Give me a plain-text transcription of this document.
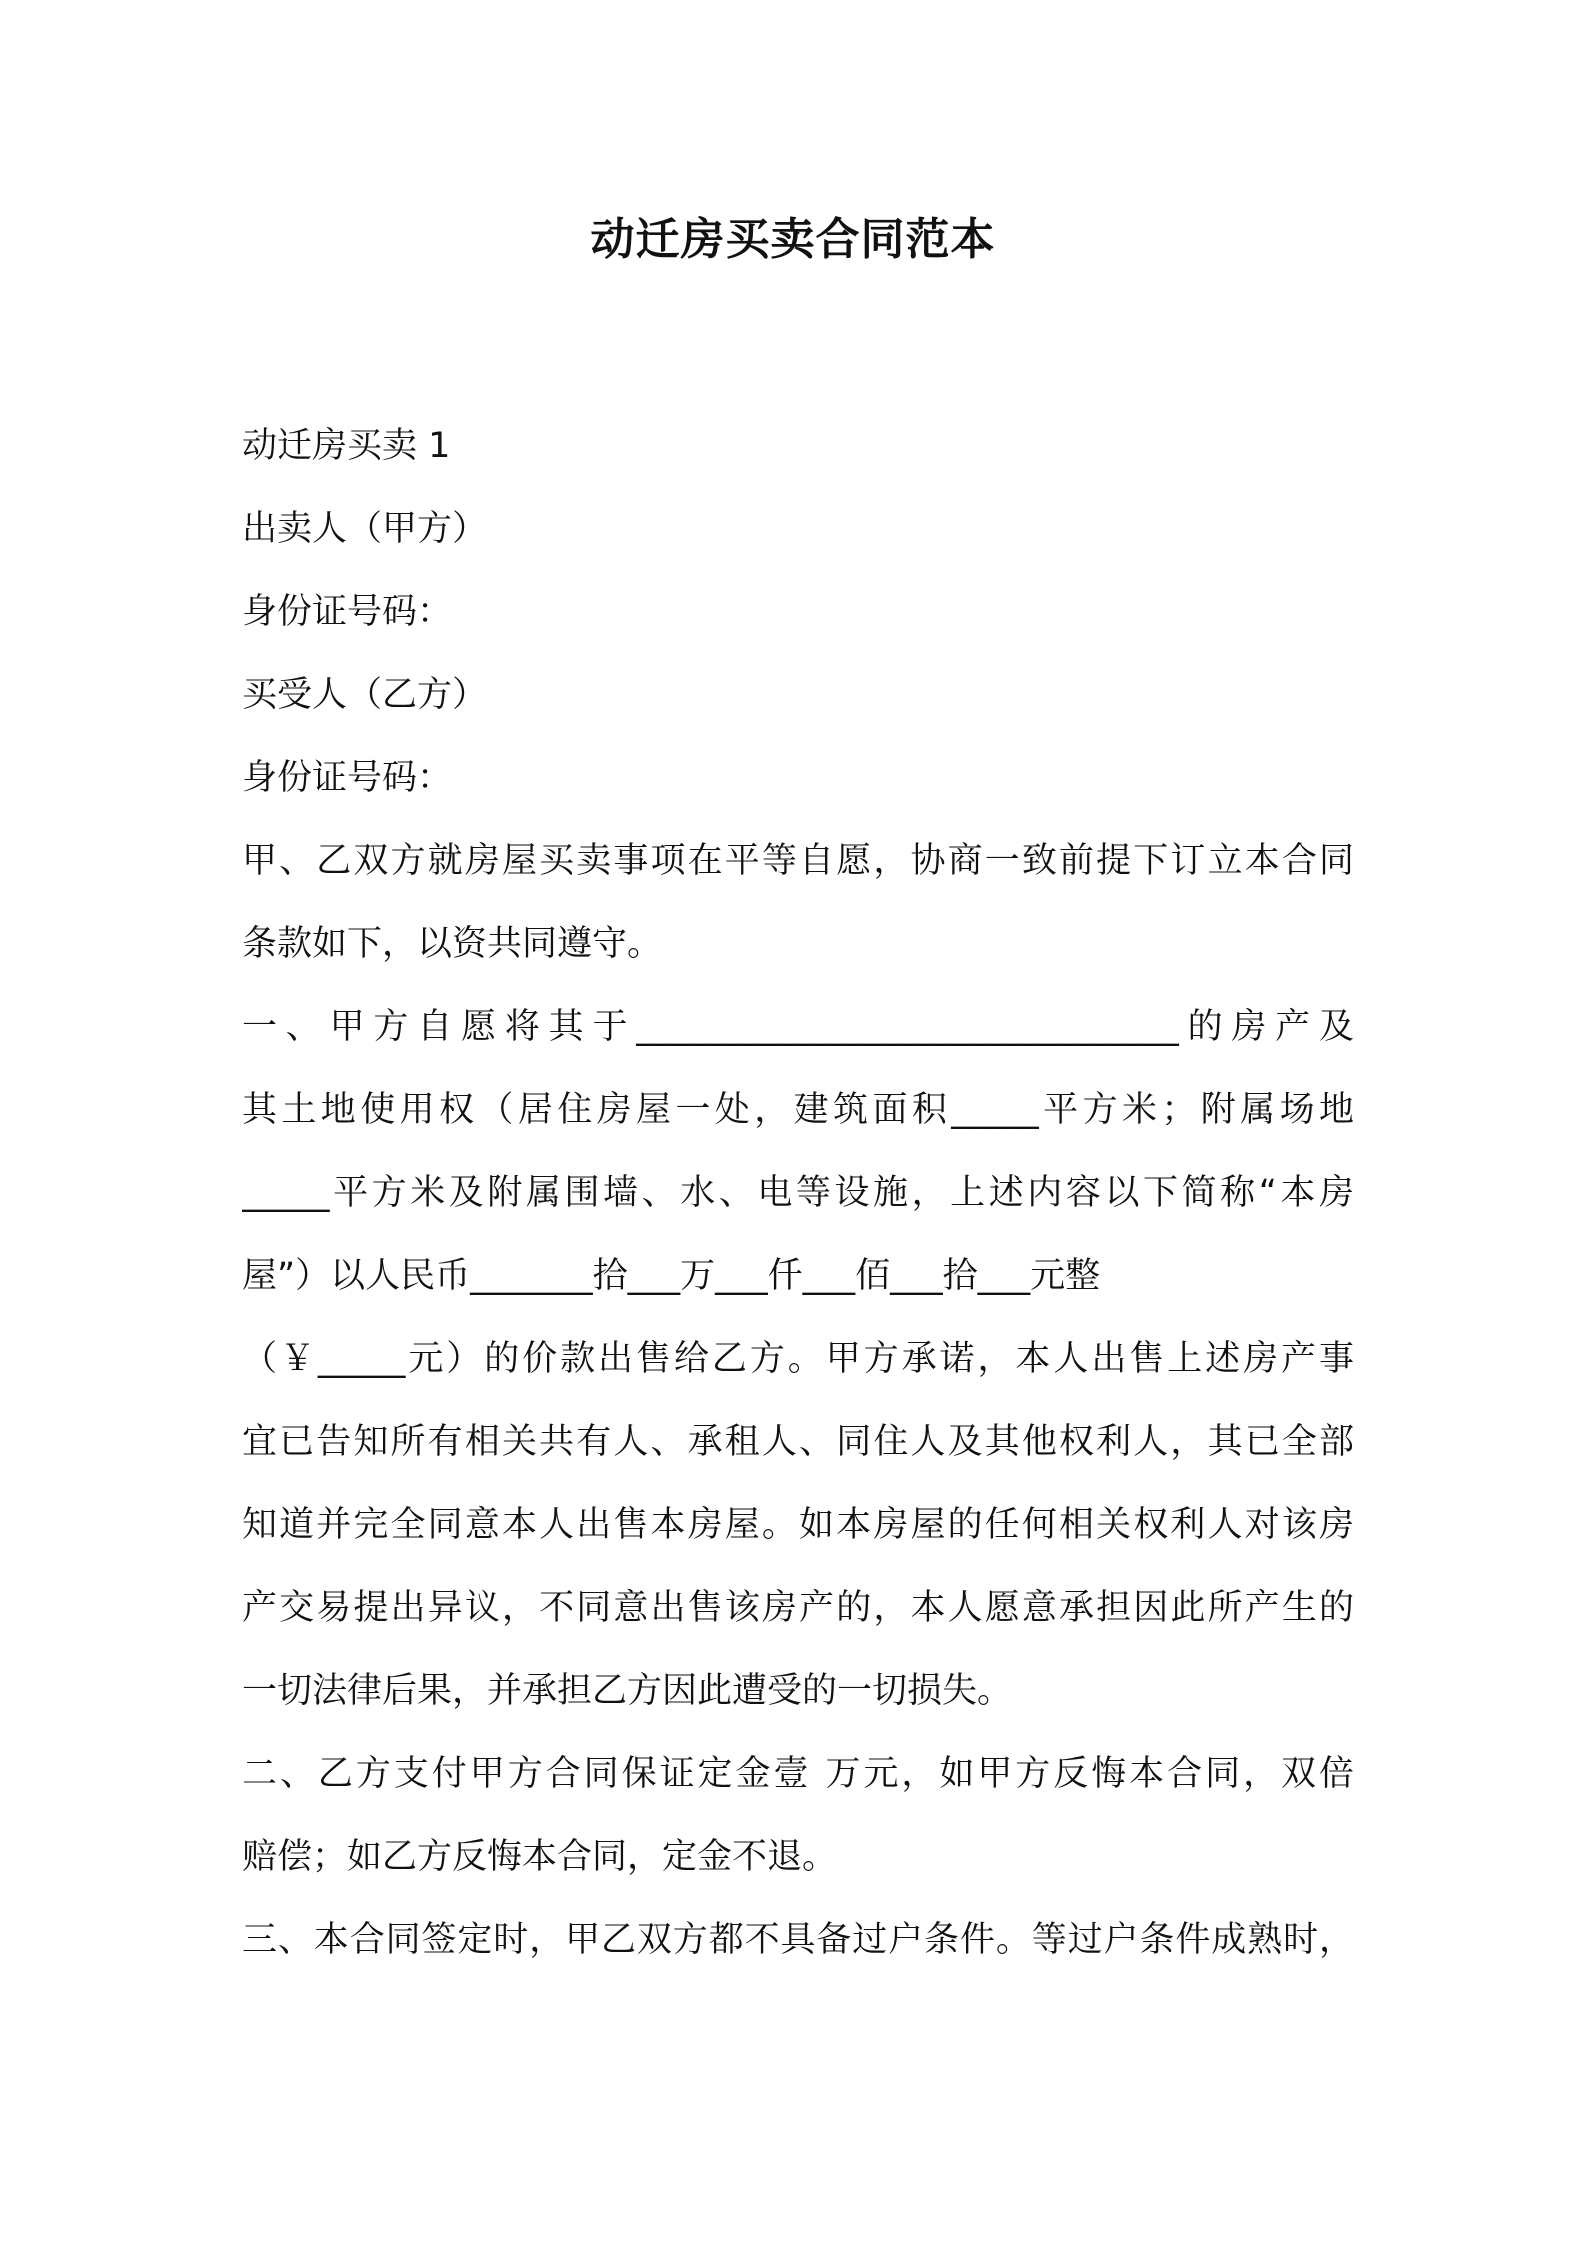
动迁房买卖合同范本
动迁房买卖 1
出卖人（甲方）
身份证号码：
买受人（乙方）
身份证号码：
甲、乙双方就房屋买卖事项在平等自愿，协商一致前提下订立本合同
条款如下，以资共同遵守。
一、甲方自愿将其于_______________________________的房产及
其土地使用权（居住房屋一处，建筑面积_____平方米；附属场地
_____平方米及附属围墙、水、电等设施，上述内容以下简称“本房
屋”）以人民币_______拾___万___仟___佰___拾___元整
（￥_____元）的价款出售给乙方。甲方承诺，本人出售上述房产事
宜已告知所有相关共有人、承租人、同住人及其他权利人，其已全部
知道并完全同意本人出售本房屋。如本房屋的任何相关权利人对该房
产交易提出异议，不同意出售该房产的，本人愿意承担因此所产生的
一切法律后果，并承担乙方因此遭受的一切损失。
二、乙方支付甲方合同保证定金壹 万元，如甲方反悔本合同，双倍
赔偿；如乙方反悔本合同，定金不退。
三、本合同签定时，甲乙双方都不具备过户条件。等过户条件成熟时，
